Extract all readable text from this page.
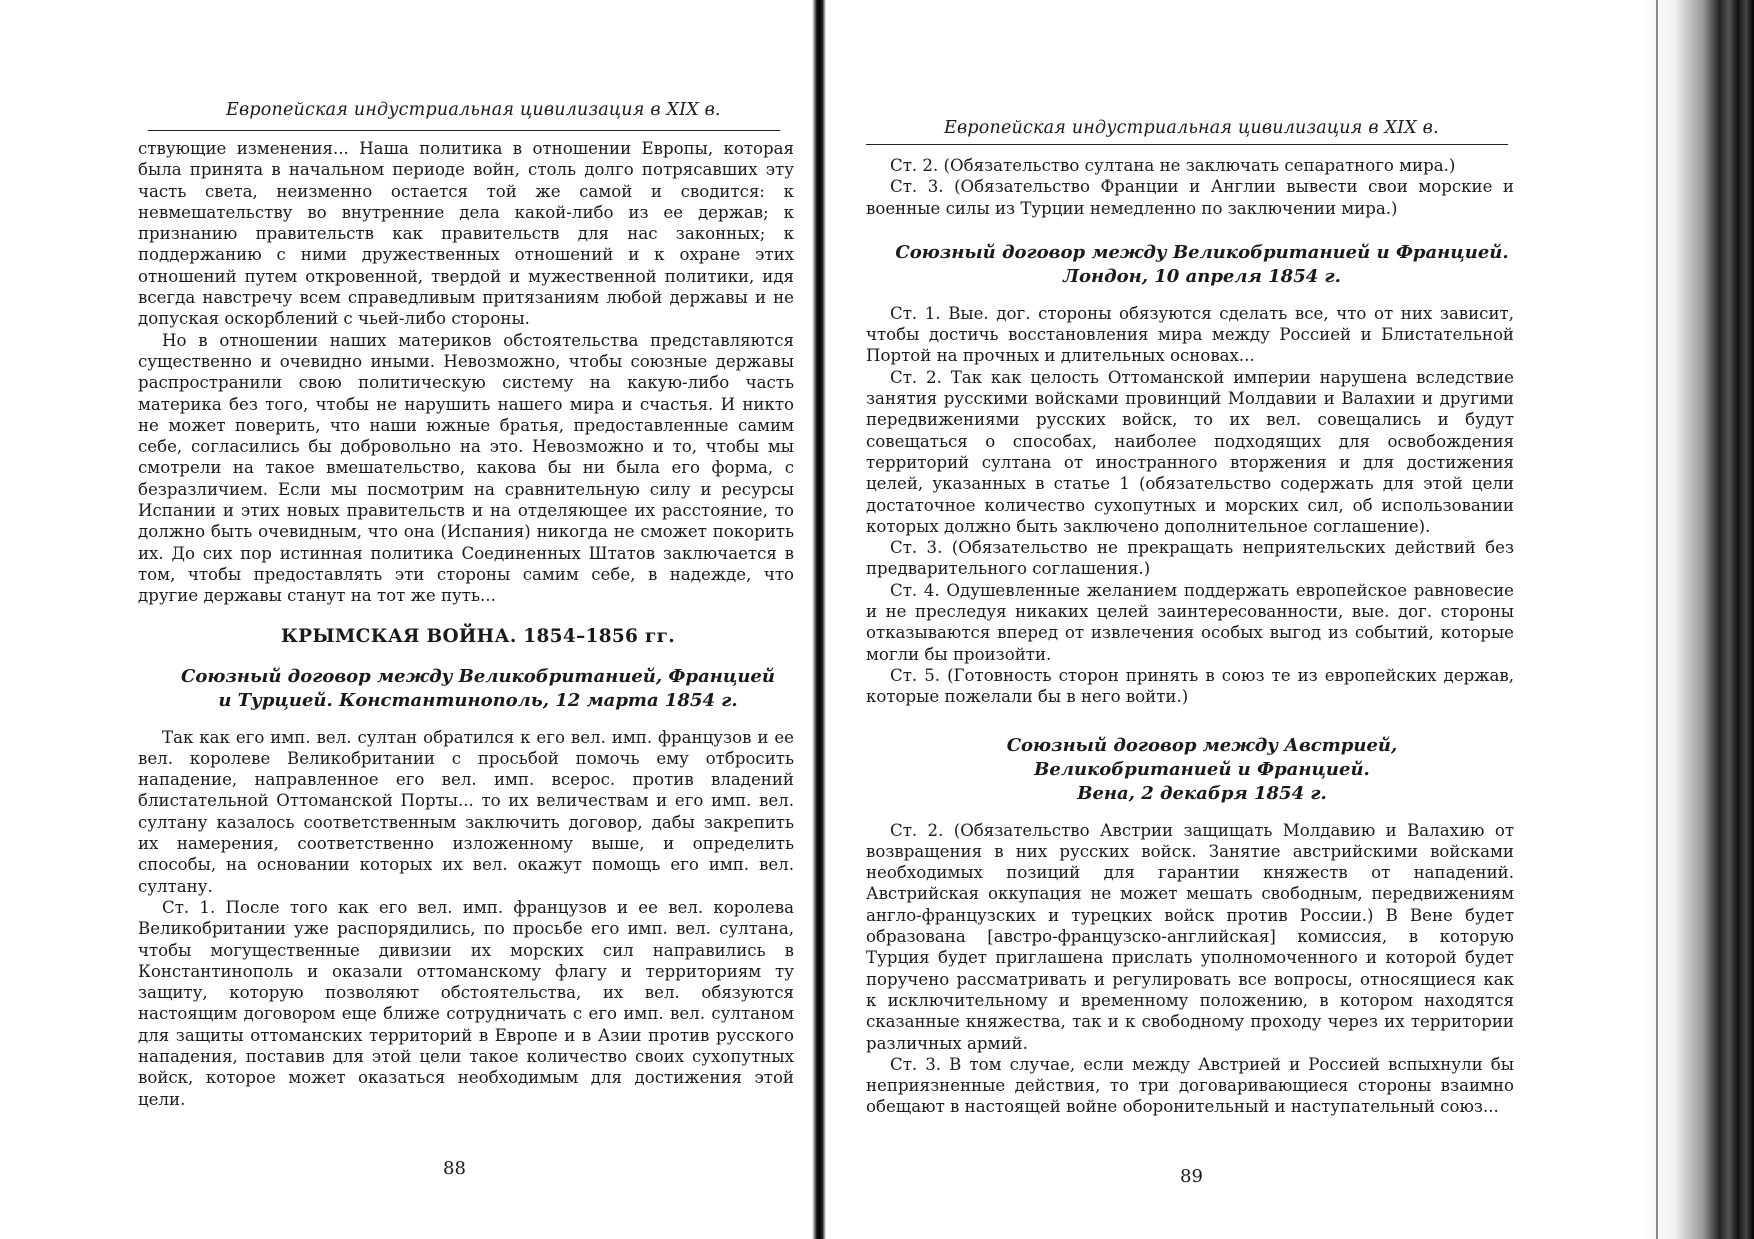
Европейская индустриальная цивилизация в XIX в.

ствующие изменения... Наша политика в отношении Европы, которая была принята в начальном периоде войн, столь долго потрясавших эту часть света, неизменно остается той же самой и сводится: к невмешательству во внутренние дела какой-либо из ее держав; к признанию правительств как правительств для нас законных; к поддержанию с ними дружественных отношений и к охране этих отношений путем откровенной, твердой и мужественной политики, идя всегда навстречу всем справедливым притязаниям любой державы и не допуская оскорблений с чьей-либо стороны.

Но в отношении наших материков обстоятельства представляются существенно и очевидно иными. Невозможно, чтобы союзные державы распространили свою политическую систему на какую-либо часть материка без того, чтобы не нарушить нашего мира и счастья. И никто не может поверить, что наши южные братья, предоставленные самим себе, согласились бы добровольно на это. Невозможно и то, чтобы мы смотрели на такое вмешательство, какова бы ни была его форма, с безразличием. Если мы посмотрим на сравнительную силу и ресурсы Испании и этих новых правительств и на отделяющее их расстояние, то должно быть очевидным, что она (Испания) никогда не сможет покорить их. До сих пор истинная политика Соединенных Штатов заключается в том, чтобы предоставлять эти стороны самим себе, в надежде, что другие державы станут на тот же путь...

КРЫМСКАЯ ВОЙНА. 1854–1856 гг.

Союзный договор между Великобританией, Францией

и Турцией. Константинополь, 12 марта 1854 г.

Так как его имп. вел. султан обратился к его вел. имп. французов и ее вел. королеве Великобритании с просьбой помочь ему отбросить нападение, направленное его вел. имп. всерос. против владений блистательной Оттоманской Порты... то их величествам и его имп. вел. султану казалось соответственным заключить договор, дабы закрепить их намерения, соответственно изложенному выше, и определить способы, на основании которых их вел. окажут помощь его имп. вел. султану.

Ст. 1. После того как его вел. имп. французов и ее вел. королева Великобритании уже распорядились, по просьбе его имп. вел. султана, чтобы могущественные дивизии их морских сил направились в Константинополь и оказали оттоманскому флагу и территориям ту защиту, которую позволяют обстоятельства, их вел. обязуются настоящим договором еще ближе сотрудничать с его имп. вел. султаном для защиты оттоманских территорий в Европе и в Азии против русского нападения, поставив для этой цели такое количество своих сухопутных войск, которое может оказаться необходимым для достижения этой цели.

88
Европейская индустриальная цивилизация в XIX в.

Ст. 2. (Обязательство султана не заключать сепаратного мира.)

Ст. 3. (Обязательство Франции и Англии вывести свои морские и военные силы из Турции немедленно по заключении мира.)

Союзный договор между Великобританией и Францией.

Лондон, 10 апреля 1854 г.

Ст. 1. Вые. дог. стороны обязуются сделать все, что от них зависит, чтобы достичь восстановления мира между Россией и Блистательной Портой на прочных и длительных основах...

Ст. 2. Так как целость Оттоманской империи нарушена вследствие занятия русскими войсками провинций Молдавии и Валахии и другими передвижениями русских войск, то их вел. совещались и будут совещаться о способах, наиболее подходящих для освобождения территорий султана от иностранного вторжения и для достижения целей, указанных в статье 1 (обязательство содержать для этой цели достаточное количество сухопутных и морских сил, об использовании которых должно быть заключено дополнительное соглашение).

Ст. 3. (Обязательство не прекращать неприятельских действий без предварительного соглашения.)

Ст. 4. Одушевленные желанием поддержать европейское равновесие и не преследуя никаких целей заинтересованности, вые. дог. стороны отказываются вперед от извлечения особых выгод из событий, которые могли бы произойти.

Ст. 5. (Готовность сторон принять в союз те из европейских держав, которые пожелали бы в него войти.)

Союзный договор между Австрией,

Великобританией и Францией.

Вена, 2 декабря 1854 г.

Ст. 2. (Обязательство Австрии защищать Молдавию и Валахию от возвращения в них русских войск. Занятие австрийскими войсками необходимых позиций для гарантии княжеств от нападений. Австрийская оккупация не может мешать свободным, передвижениям англо-французских и турецких войск против России.) В Вене будет образована [австро-французско-английская] комиссия, в которую Турция будет приглашена прислать уполномоченного и которой будет поручено рассматривать и регулировать все вопросы, относящиеся как к исключительному и временному положению, в котором находятся сказанные княжества, так и к свободному проходу через их территории различных армий.

Ст. 3. В том случае, если между Австрией и Россией вспыхнули бы неприязненные действия, то три договаривающиеся стороны взаимно обещают в настоящей войне оборонительный и наступательный союз...

89
